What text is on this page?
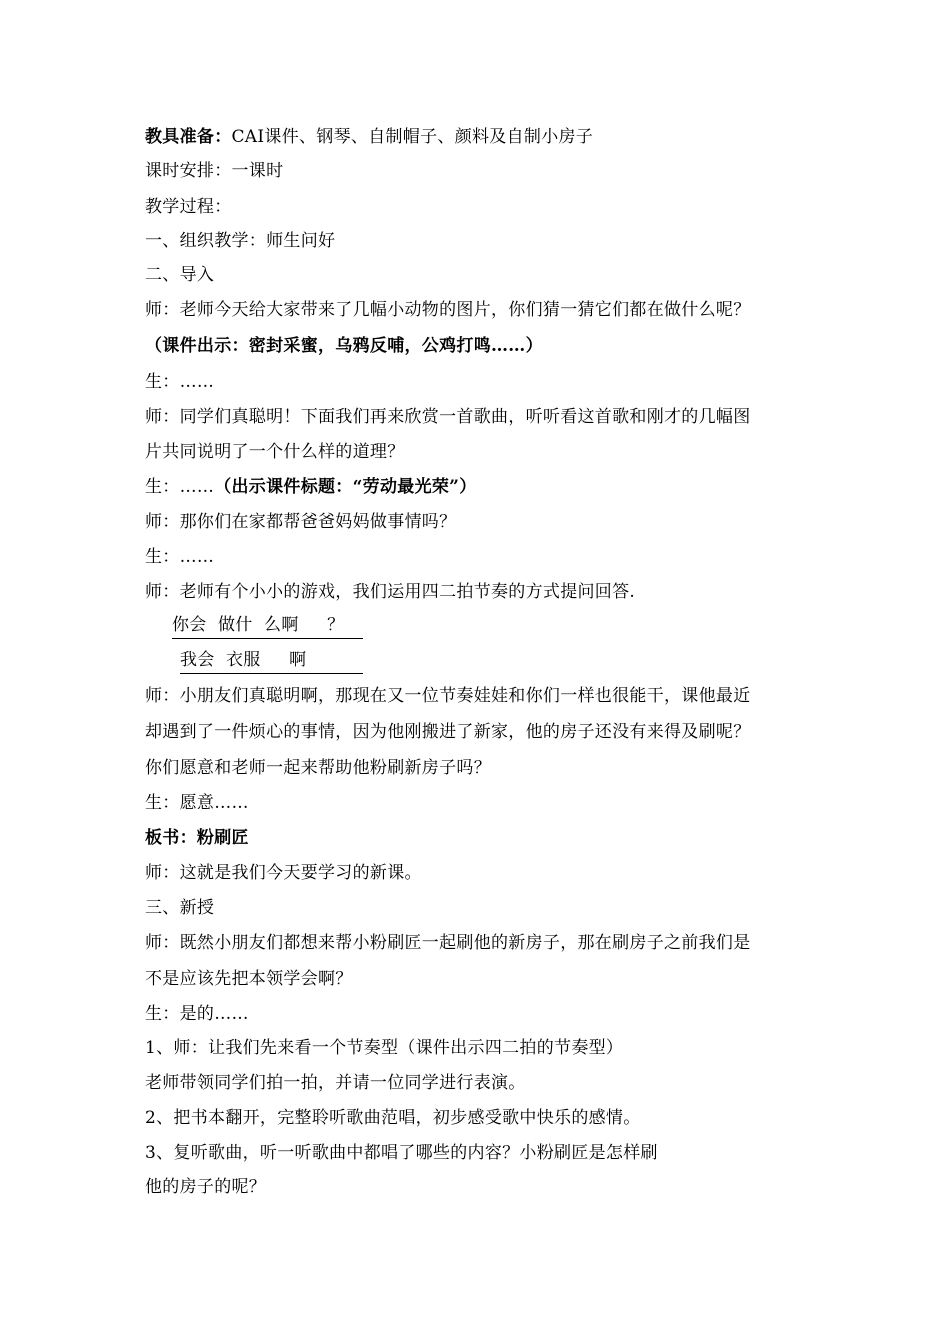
教具准备：CAI课件、钢琴、自制帽子、颜料及自制小房子
课时安排：一课时
教学过程：
一、组织教学：师生问好
二、导入
师：老师今天给大家带来了几幅小动物的图片，你们猜一猜它们都在做什么呢？
（课件出示：密封采蜜，乌鸦反哺，公鸡打鸣……）
生：……
师：同学们真聪明！下面我们再来欣赏一首歌曲，听听看这首歌和刚才的几幅图
片共同说明了一个什么样的道理？
生：……（出示课件标题：“劳动最光荣”）
师：那你们在家都帮爸爸妈妈做事情吗？
生：……
师：老师有个小小的游戏，我们运用四二拍节奏的方式提问回答.
你会  做什  么啊     ？
我会  衣服     啊
师：小朋友们真聪明啊，那现在又一位节奏娃娃和你们一样也很能干，课他最近
却遇到了一件烦心的事情，因为他刚搬进了新家，他的房子还没有来得及刷呢？
你们愿意和老师一起来帮助他粉刷新房子吗？
生：愿意……
板书：粉刷匠
师：这就是我们今天要学习的新课。
三、新授
师：既然小朋友们都想来帮小粉刷匠一起刷他的新房子，那在刷房子之前我们是
不是应该先把本领学会啊？
生：是的……
1、师：让我们先来看一个节奏型（课件出示四二拍的节奏型）
老师带领同学们拍一拍，并请一位同学进行表演。
2、把书本翻开，完整聆听歌曲范唱，初步感受歌中快乐的感情。
3、复听歌曲，听一听歌曲中都唱了哪些的内容？小粉刷匠是怎样刷
他的房子的呢？
